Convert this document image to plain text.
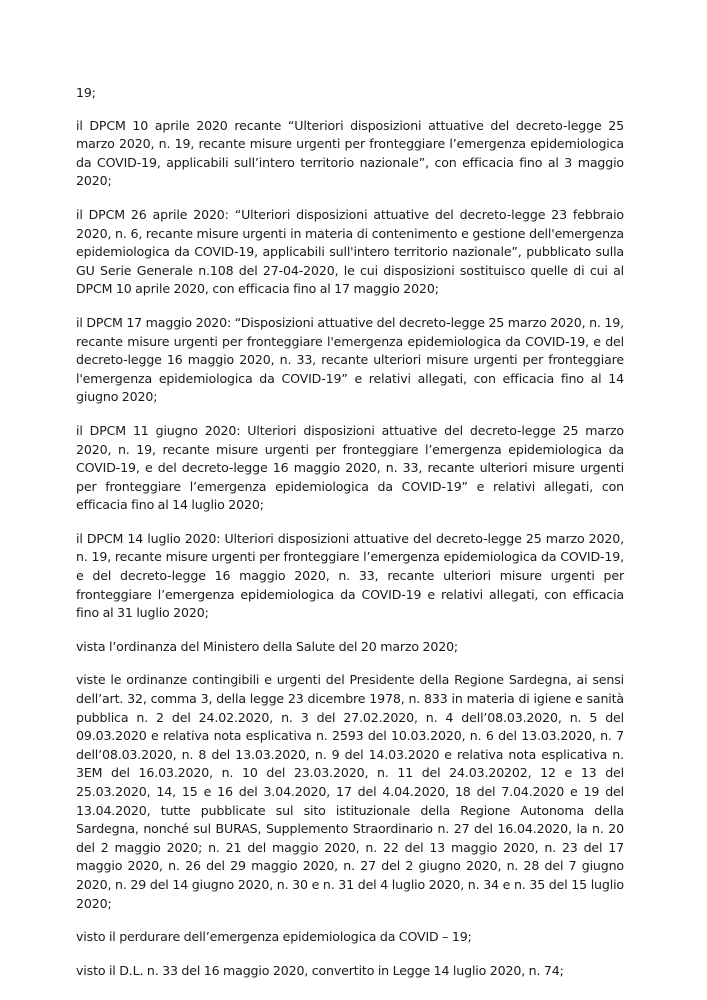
19;

il DPCM 10 aprile 2020 recante “Ulteriori disposizioni attuative del decreto-legge 25 marzo 2020, n. 19, recante misure urgenti per fronteggiare l’emergenza epidemiologica da COVID-19, applicabili sull’intero territorio nazionale”, con efficacia fino al 3 maggio 2020;

il DPCM 26 aprile 2020: “Ulteriori disposizioni attuative del decreto-legge 23 febbraio 2020, n. 6, recante misure urgenti in materia di contenimento e gestione dell'emergenza epidemiologica da COVID-19, applicabili sull'intero territorio nazionale”, pubblicato sulla GU Serie Generale n.108 del 27-04-2020, le cui disposizioni sostituisco quelle di cui al DPCM 10 aprile 2020, con efficacia fino al 17 maggio 2020;

il DPCM 17 maggio 2020: “Disposizioni attuative del decreto-legge 25 marzo 2020, n. 19, recante misure urgenti per fronteggiare l'emergenza epidemiologica da COVID-19, e del decreto-legge 16 maggio 2020, n. 33, recante ulteriori misure urgenti per fronteggiare l'emergenza epidemiologica da COVID-19” e relativi allegati, con efficacia fino al 14 giugno 2020;

il DPCM 11 giugno 2020: Ulteriori disposizioni attuative del decreto-legge 25 marzo 2020, n. 19, recante misure urgenti per fronteggiare l’emergenza epidemiologica da COVID-19, e del decreto-legge 16 maggio 2020, n. 33, recante ulteriori misure urgenti per fronteggiare l’emergenza epidemiologica da COVID-19” e relativi allegati, con efficacia fino al 14 luglio 2020;

il DPCM 14 luglio 2020: Ulteriori disposizioni attuative del decreto-legge 25 marzo 2020, n. 19, recante misure urgenti per fronteggiare l’emergenza epidemiologica da COVID-19, e del decreto-legge 16 maggio 2020, n. 33, recante ulteriori misure urgenti per fronteggiare l’emergenza epidemiologica da COVID-19 e relativi allegati, con efficacia fino al 31 luglio 2020;

vista l’ordinanza del Ministero della Salute del 20 marzo 2020;

viste le ordinanze contingibili e urgenti del Presidente della Regione Sardegna, ai sensi dell’art. 32, comma 3, della legge 23 dicembre 1978, n. 833 in materia di igiene e sanità pubblica n. 2 del 24.02.2020, n. 3 del 27.02.2020, n. 4 dell’08.03.2020, n. 5 del 09.03.2020 e relativa nota esplicativa n. 2593 del 10.03.2020, n. 6 del 13.03.2020, n. 7 dell’08.03.2020, n. 8 del 13.03.2020, n. 9 del 14.03.2020 e relativa nota esplicativa n. 3EM del 16.03.2020, n. 10 del 23.03.2020, n. 11 del 24.03.20202, 12 e 13 del 25.03.2020, 14, 15 e 16 del 3.04.2020, 17 del 4.04.2020, 18 del 7.04.2020 e 19 del 13.04.2020, tutte pubblicate sul sito istituzionale della Regione Autonoma della Sardegna, nonché sul BURAS, Supplemento Straordinario n. 27 del 16.04.2020, la n. 20 del 2 maggio 2020; n. 21 del maggio 2020, n. 22 del 13 maggio 2020, n. 23 del 17 maggio 2020, n. 26 del 29 maggio 2020, n. 27 del 2 giugno 2020, n. 28 del 7 giugno 2020, n. 29 del 14 giugno 2020, n. 30 e n. 31 del 4 luglio 2020, n. 34 e n. 35 del 15 luglio 2020;

visto il perdurare dell’emergenza epidemiologica da COVID – 19;

visto il D.L. n. 33 del 16 maggio 2020, convertito in Legge 14 luglio 2020, n. 74;
